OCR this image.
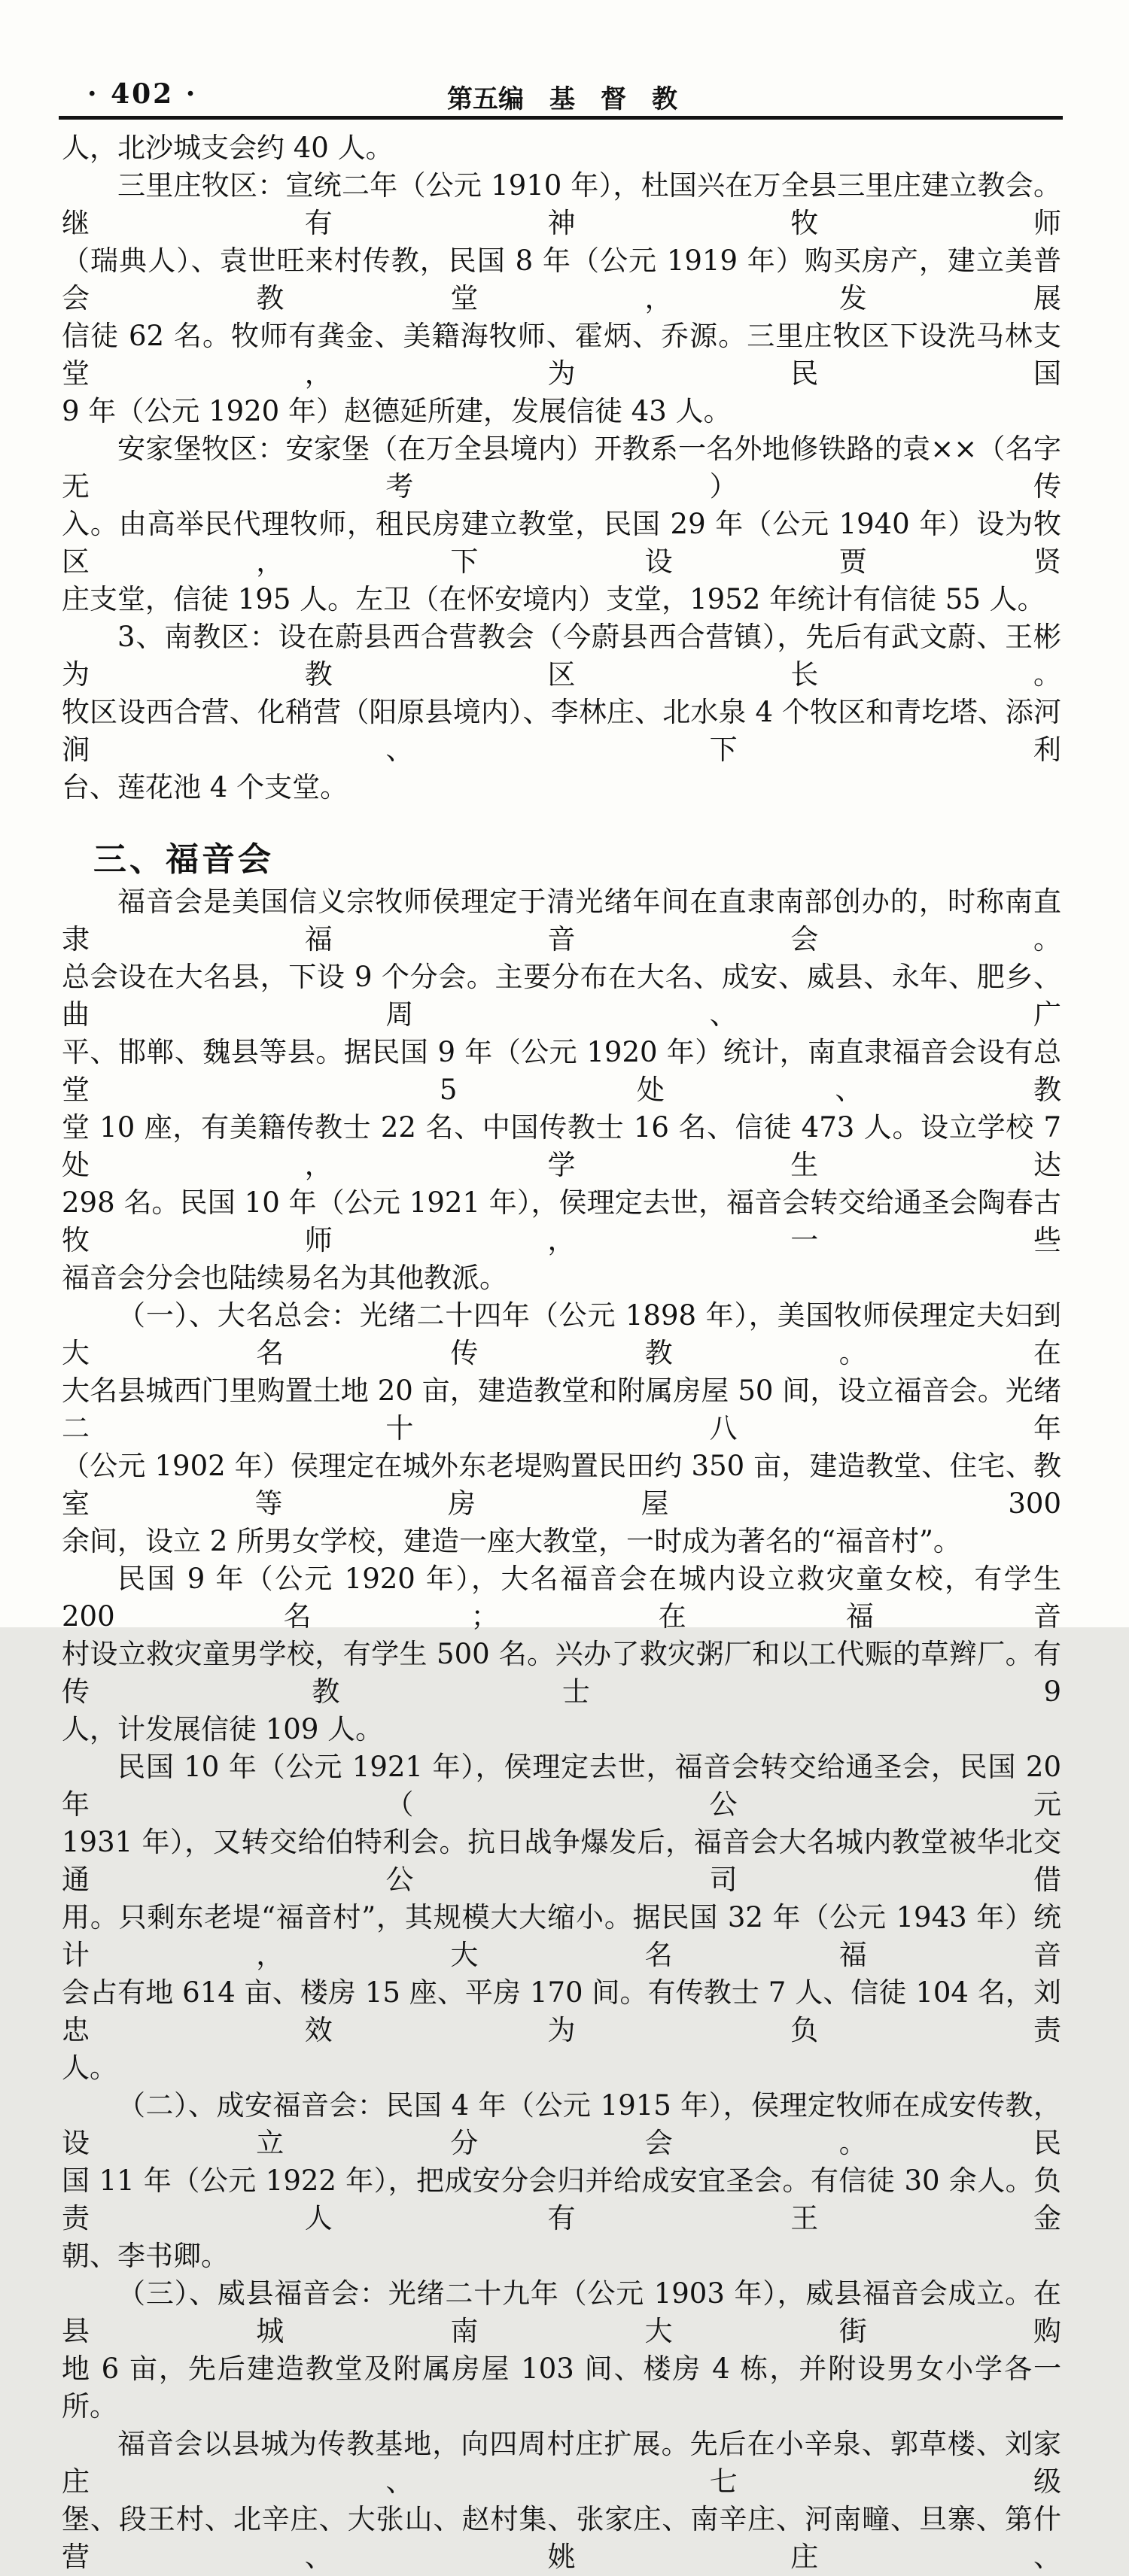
· 402 ·	第五编　基　督　教
人，北沙城支会约 40 人。
三里庄牧区：宣统二年（公元 1910 年），杜国兴在万全县三里庄建立教会。继有神牧师
（瑞典人）、袁世旺来村传教，民国 8 年（公元 1919 年）购买房产，建立美普会教堂，发展
信徒 62 名。牧师有龚金、美籍海牧师、霍炳、乔源。三里庄牧区下设洗马林支堂，为民国
9 年（公元 1920 年）赵德延所建，发展信徒 43 人。
安家堡牧区：安家堡（在万全县境内）开教系一名外地修铁路的袁××（名字无考）传
入。由高举民代理牧师，租民房建立教堂，民国 29 年（公元 1940 年）设为牧区，下设贾贤
庄支堂，信徒 195 人。左卫（在怀安境内）支堂，1952 年统计有信徒 55 人。
3、南教区：设在蔚县西合营教会（今蔚县西合营镇），先后有武文蔚、王彬为教区长。
牧区设西合营、化稍营（阳原县境内）、李林庄、北水泉 4 个牧区和青圪塔、添河涧、下利
台、莲花池 4 个支堂。
三、福音会
福音会是美国信义宗牧师侯理定于清光绪年间在直隶南部创办的，时称南直隶福音会。
总会设在大名县，下设 9 个分会。主要分布在大名、成安、威县、永年、肥乡、曲周、广
平、邯郸、魏县等县。据民国 9 年（公元 1920 年）统计，南直隶福音会设有总堂 5 处、教
堂 10 座，有美籍传教士 22 名、中国传教士 16 名、信徒 473 人。设立学校 7 处，学生达
298 名。民国 10 年（公元 1921 年），侯理定去世，福音会转交给通圣会陶春古牧师，一些
福音会分会也陆续易名为其他教派。
（一）、大名总会：光绪二十四年（公元 1898 年），美国牧师侯理定夫妇到大名传教。在
大名县城西门里购置土地 20 亩，建造教堂和附属房屋 50 间，设立福音会。光绪二十八年
（公元 1902 年）侯理定在城外东老堤购置民田约 350 亩，建造教堂、住宅、教室等房屋 300
余间，设立 2 所男女学校，建造一座大教堂，一时成为著名的“福音村”。
民国 9 年（公元 1920 年），大名福音会在城内设立救灾童女校，有学生 200 名；在福音
村设立救灾童男学校，有学生 500 名。兴办了救灾粥厂和以工代赈的草辫厂。有传教士 9
人，计发展信徒 109 人。
民国 10 年（公元 1921 年），侯理定去世，福音会转交给通圣会，民国 20 年（公元
1931 年），又转交给伯特利会。抗日战争爆发后，福音会大名城内教堂被华北交通公司借
用。只剩东老堤“福音村”，其规模大大缩小。据民国 32 年（公元 1943 年）统计，大名福音
会占有地 614 亩、楼房 15 座、平房 170 间。有传教士 7 人、信徒 104 名，刘忠效为负责
人。
（二）、成安福音会：民国 4 年（公元 1915 年），侯理定牧师在成安传教，设立分会。民
国 11 年（公元 1922 年），把成安分会归并给成安宜圣会。有信徒 30 余人。负责人有王金
朝、李书卿。
（三）、威县福音会：光绪二十九年（公元 1903 年），威县福音会成立。在县城南大街购
地 6 亩，先后建造教堂及附属房屋 103 间、楼房 4 栋，并附设男女小学各一所。
福音会以县城为传教基地，向四周村庄扩展。先后在小辛泉、郭草楼、刘家庄、七级
堡、段王村、北辛庄、大张山、赵村集、张家庄、南辛庄、河南疃、旦寨、第什营、姚庄、
